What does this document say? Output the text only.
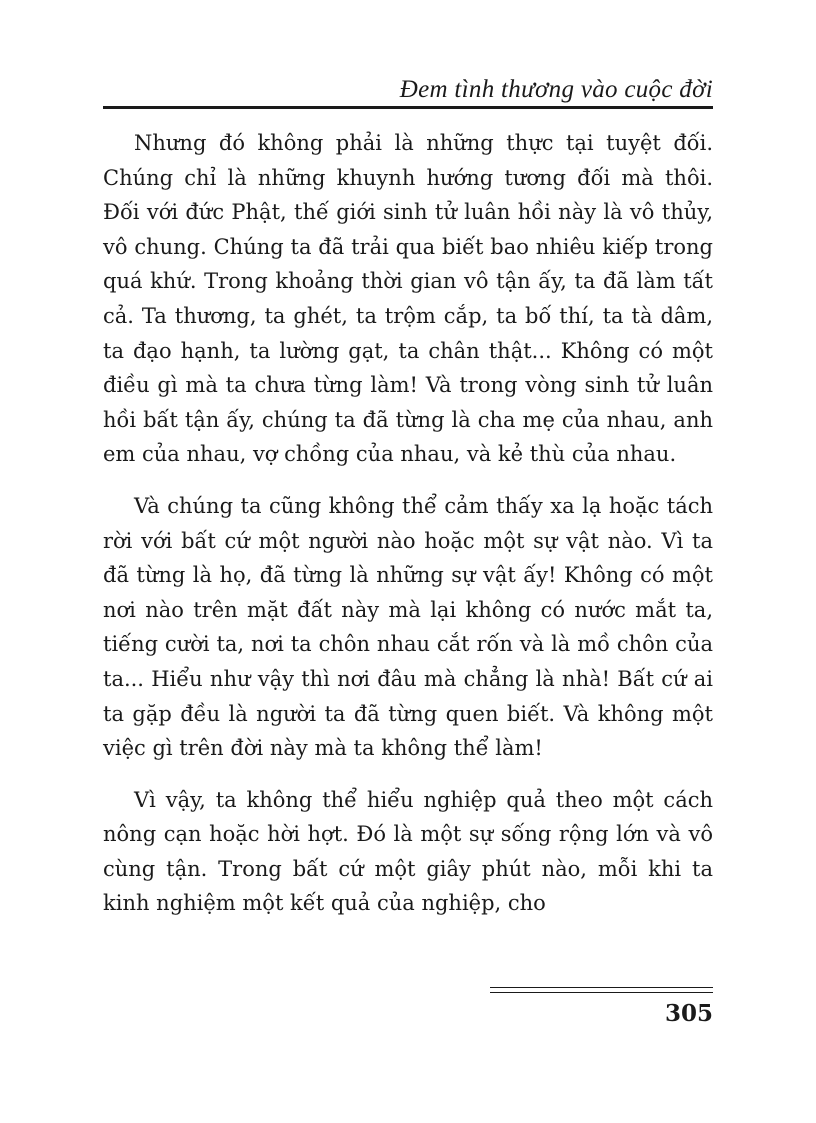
Đem tình thương vào cuộc đời

Nhưng đó không phải là những thực tại tuyệt đối. Chúng chỉ là những khuynh hướng tương đối mà thôi. Đối với đức Phật, thế giới sinh tử luân hồi này là vô thủy, vô chung. Chúng ta đã trải qua biết bao nhiêu kiếp trong quá khứ. Trong khoảng thời gian vô tận ấy, ta đã làm tất cả. Ta thương, ta ghét, ta trộm cắp, ta bố thí, ta tà dâm, ta đạo hạnh, ta lường gạt, ta chân thật... Không có một điều gì mà ta chưa từng làm! Và trong vòng sinh tử luân hồi bất tận ấy, chúng ta đã từng là cha mẹ của nhau, anh em của nhau, vợ chồng của nhau, và kẻ thù của nhau.

Và chúng ta cũng không thể cảm thấy xa lạ hoặc tách rời với bất cứ một người nào hoặc một sự vật nào. Vì ta đã từng là họ, đã từng là những sự vật ấy! Không có một nơi nào trên mặt đất này mà lại không có nước mắt ta, tiếng cười ta, nơi ta chôn nhau cắt rốn và là mồ chôn của ta... Hiểu như vậy thì nơi đâu mà chẳng là nhà! Bất cứ ai ta gặp đều là người ta đã từng quen biết. Và không một việc gì trên đời này mà ta không thể làm!

Vì vậy, ta không thể hiểu nghiệp quả theo một cách nông cạn hoặc hời hợt. Đó là một sự sống rộng lớn và vô cùng tận. Trong bất cứ một giây phút nào, mỗi khi ta kinh nghiệm một kết quả của nghiệp, cho

305
